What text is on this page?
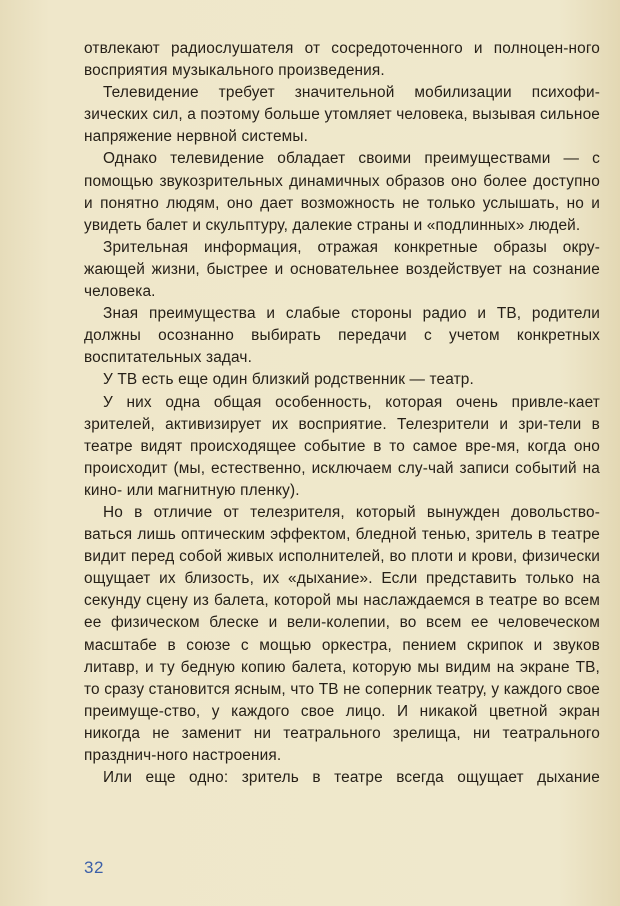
отвлекают радиослушателя от сосредоточенного и полноцен-ного восприятия музыкального произведения.

Телевидение требует значительной мобилизации психофи-зических сил, а поэтому больше утомляет человека, вызывая сильное напряжение нервной системы.

Однако телевидение обладает своими преимуществами — с помощью звукозрительных динамичных образов оно более доступно и понятно людям, оно дает возможность не только услышать, но и увидеть балет и скульптуру, далекие страны и «подлинных» людей.

Зрительная информация, отражая конкретные образы окру-жающей жизни, быстрее и основательнее воздействует на сознание человека.

Зная преимущества и слабые стороны радио и ТВ, родители должны осознанно выбирать передачи с учетом конкретных воспитательных задач.

У ТВ есть еще один близкий родственник — театр.

У них одна общая особенность, которая очень привле-кает зрителей, активизирует их восприятие. Телезрители и зри-тели в театре видят происходящее событие в то самое вре-мя, когда оно происходит (мы, естественно, исключаем слу-чай записи событий на кино- или магнитную пленку).

Но в отличие от телезрителя, который вынужден довольство-ваться лишь оптическим эффектом, бледной тенью, зритель в театре видит перед собой живых исполнителей, во плоти и крови, физически ощущает их близость, их «дыхание». Если представить только на секунду сцену из балета, которой мы наслаждаемся в театре во всем ее физическом блеске и вели-колепии, во всем ее человеческом масштабе в союзе с мощью оркестра, пением скрипок и звуков литавр, и ту бедную копию балета, которую мы видим на экране ТВ, то сразу становится ясным, что ТВ не соперник театру, у каждого свое преимуще-ство, у каждого свое лицо. И никакой цветной экран никогда не заменит ни театрального зрелища, ни театрального празднич-ного настроения.

Или еще одно: зритель в театре всегда ощущает дыхание

32
